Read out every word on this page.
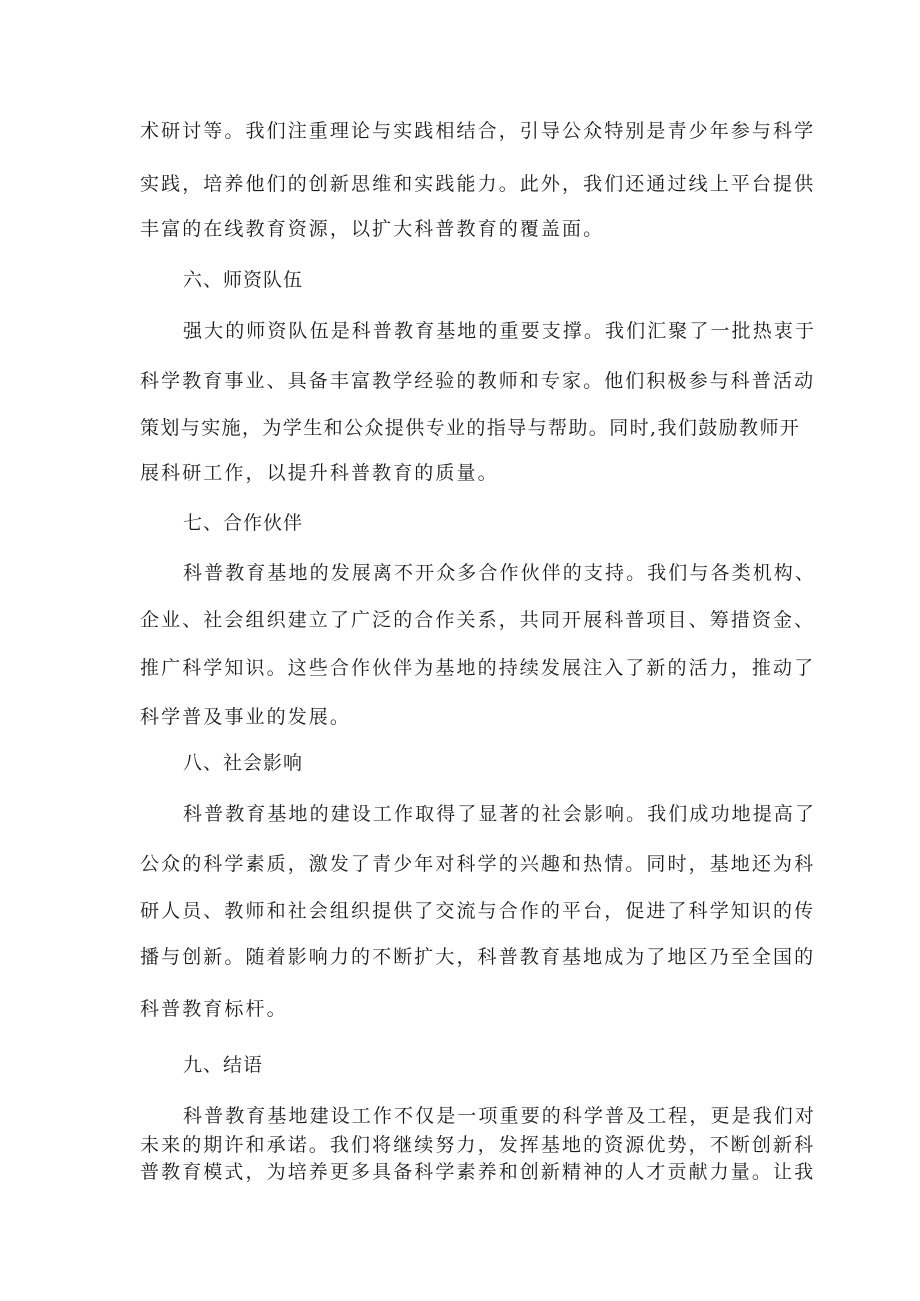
术研讨等。我们注重理论与实践相结合，引导公众特别是青少年参与科学
实践，培养他们的创新思维和实践能力。此外，我们还通过线上平台提供
丰富的在线教育资源，以扩大科普教育的覆盖面。
六、师资队伍
强大的师资队伍是科普教育基地的重要支撑。我们汇聚了一批热衷于
科学教育事业、具备丰富教学经验的教师和专家。他们积极参与科普活动
策划与实施，为学生和公众提供专业的指导与帮助。同时,我们鼓励教师开
展科研工作，以提升科普教育的质量。
七、合作伙伴
科普教育基地的发展离不开众多合作伙伴的支持。我们与各类机构、
企业、社会组织建立了广泛的合作关系，共同开展科普项目、筹措资金、
推广科学知识。这些合作伙伴为基地的持续发展注入了新的活力，推动了
科学普及事业的发展。
八、社会影响
科普教育基地的建设工作取得了显著的社会影响。我们成功地提高了
公众的科学素质，激发了青少年对科学的兴趣和热情。同时，基地还为科
研人员、教师和社会组织提供了交流与合作的平台，促进了科学知识的传
播与创新。随着影响力的不断扩大，科普教育基地成为了地区乃至全国的
科普教育标杆。
九、结语
科普教育基地建设工作不仅是一项重要的科学普及工程，更是我们对
未来的期许和承诺。我们将继续努力，发挥基地的资源优势，不断创新科
普教育模式，为培养更多具备科学素养和创新精神的人才贡献力量。让我
